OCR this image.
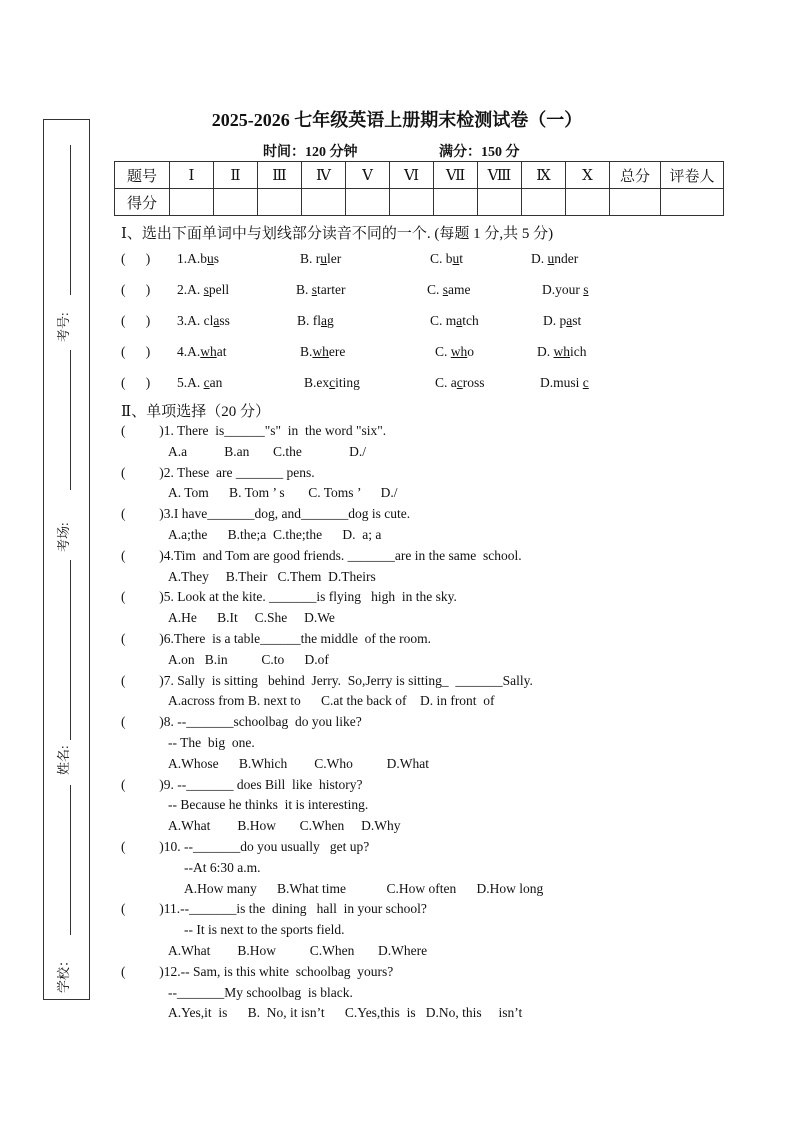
考号:
考场:
姓名:
学校：
2025-2026 七年级英语上册期末检测试卷（一）
时间：120 分钟	满分：150 分
题号	Ⅰ	Ⅱ	Ⅲ	Ⅳ	Ⅴ	Ⅵ	Ⅶ	Ⅷ	Ⅸ	Ⅹ	总分	评卷人
得分												
Ⅰ、选出下面单词中与划线部分读音不同的一个. (每题 1 分,共 5 分)
(      ) 1.A.bus	B. ruler	C. but	D. under
(      ) 2.A. spell	B. starter	C. same	D.your s
(      ) 3.A. class	B. flag	C. match	D. past
(      ) 4.A.what	B.where	C. who	D. which
(      ) 5.A. can	B.exciting	C. across	D.musi c
Ⅱ、单项选择（20 分）
(          )1. There  is______"s"  in  the word "six".
A.a           B.an       C.the              D./
(          )2. These  are _______ pens.
A. Tom      B. Tom ’ s       C. Toms ’      D./
(          )3.I have_______dog, and_______dog is cute.
A.a;the      B.the;a  C.the;the      D.  a; a
(          )4.Tim  and Tom are good friends. _______are in the same  school.
A.They     B.Their   C.Them  D.Theirs
(          )5. Look at the kite. _______is flying   high  in the sky.
A.He      B.It     C.She     D.We
(          )6.There  is a table______the middle  of the room.
A.on   B.in          C.to      D.of
(          )7. Sally  is sitting   behind  Jerry.  So,Jerry is sitting_  _______Sally.
A.across from B. next to      C.at the back of    D. in front  of
(          )8. --_______schoolbag  do you like?
-- The  big  one.
A.Whose      B.Which        C.Who          D.What
(          )9. --_______ does Bill  like  history?
-- Because he thinks  it is interesting.
A.What        B.How       C.When     D.Why
(          )10. --_______do you usually   get up?
--At 6:30 a.m.
A.How many      B.What time            C.How often      D.How long
(          )11.--_______is the  dining   hall  in your school?
-- It is next to the sports field.
A.What        B.How          C.When       D.Where
(          )12.-- Sam, is this white  schoolbag  yours?
--_______My schoolbag  is black.
A.Yes,it  is      B.  No, it isn’t      C.Yes,this  is   D.No, this     isn’t
